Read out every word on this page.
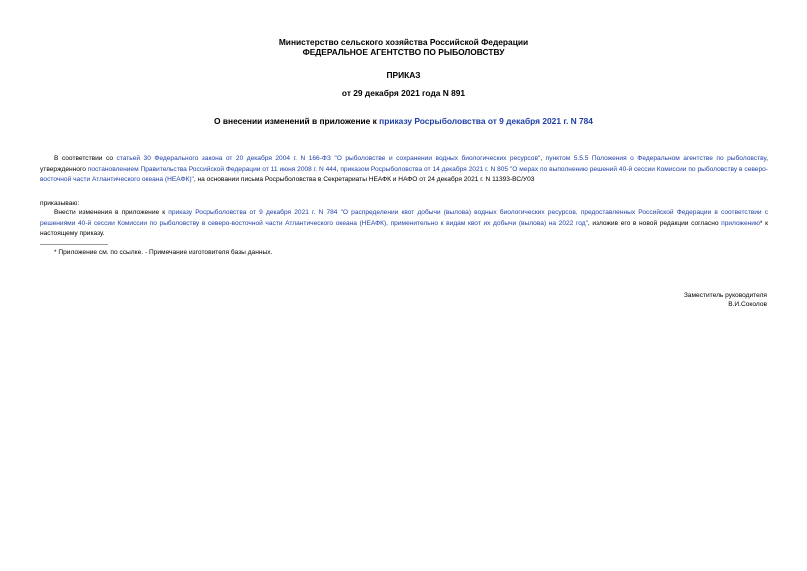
Министерство сельского хозяйства Российской Федерации
ФЕДЕРАЛЬНОЕ АГЕНТСТВО ПО РЫБОЛОВСТВУ
ПРИКАЗ
от 29 декабря 2021 года N 891
О внесении изменений в приложение к приказу Росрыболовства от 9 декабря 2021 г. N 784
В соответствии со статьей 30 Федерального закона от 20 декабря 2004 г. N 166-ФЗ "О рыболовстве и сохранении водных биологических ресурсов", пунктом 5.5.5 Положения о Федеральном агентстве по рыболовству, утвержденного постановлением Правительства Российской Федерации от 11 июня 2008 г. N 444, приказом Росрыболовства от 14 декабря 2021 г. N 805 "О мерах по выполнению решений 40-й сессии Комиссии по рыболовству в северо-восточной части Атлантического океана (НЕАФК)", на основании письма Росрыболовства в Секретариаты НЕАФК и НАФО от 24 декабря 2021 г. N 11393-ВС/У03
приказываю:
Внести изменения в приложение к приказу Росрыболовства от 9 декабря 2021 г. N 784 "О распределении квот добычи (вылова) водных биологических ресурсов, предоставленных Российской Федерации в соответствии с решениями 40-й сессии Комиссии по рыболовству в северо-восточной части Атлантического океана (НЕАФК), применительно к видам квот их добычи (вылова) на 2022 год", изложив его в новой редакции согласно приложению* к настоящему приказу.
* Приложение см. по ссылке. - Примечание изготовителя базы данных.
Заместитель руководителя
В.И.Соколов
